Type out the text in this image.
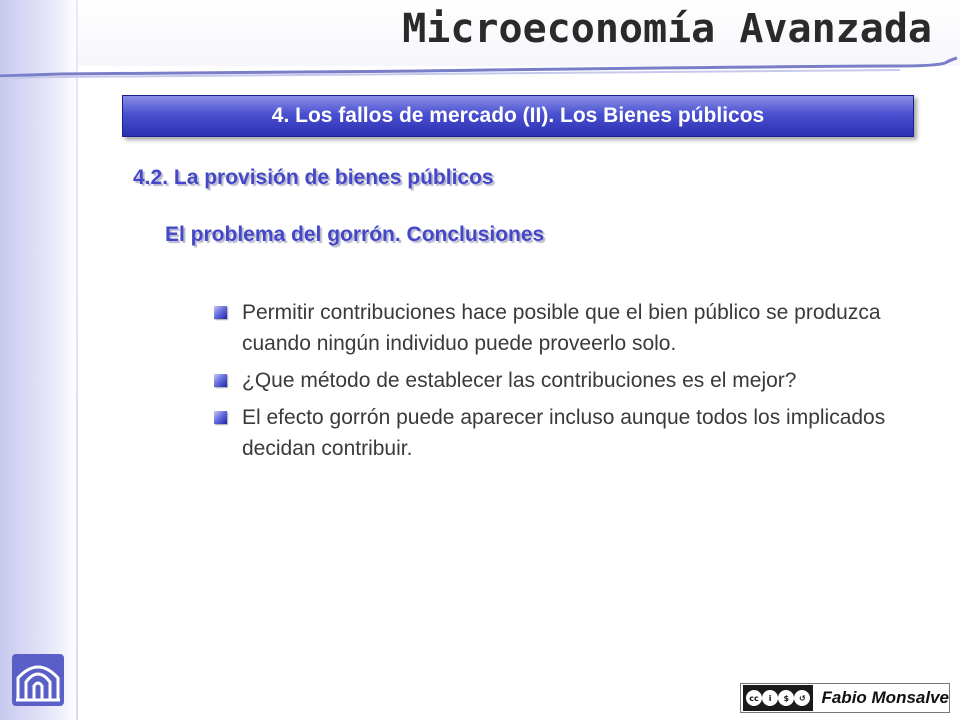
Microeconomía Avanzada
4. Los fallos de mercado (II). Los Bienes públicos
4.2. La provisión de bienes públicos
El problema del gorrón. Conclusiones
Permitir contribuciones hace posible que el bien público se produzca cuando ningún individuo puede proveerlo solo.
¿Que método de establecer las contribuciones es el mejor?
El efecto gorrón puede aparecer incluso aunque todos los implicados decidan contribuir.
cc	i	$	↺ Fabio Monsalve
